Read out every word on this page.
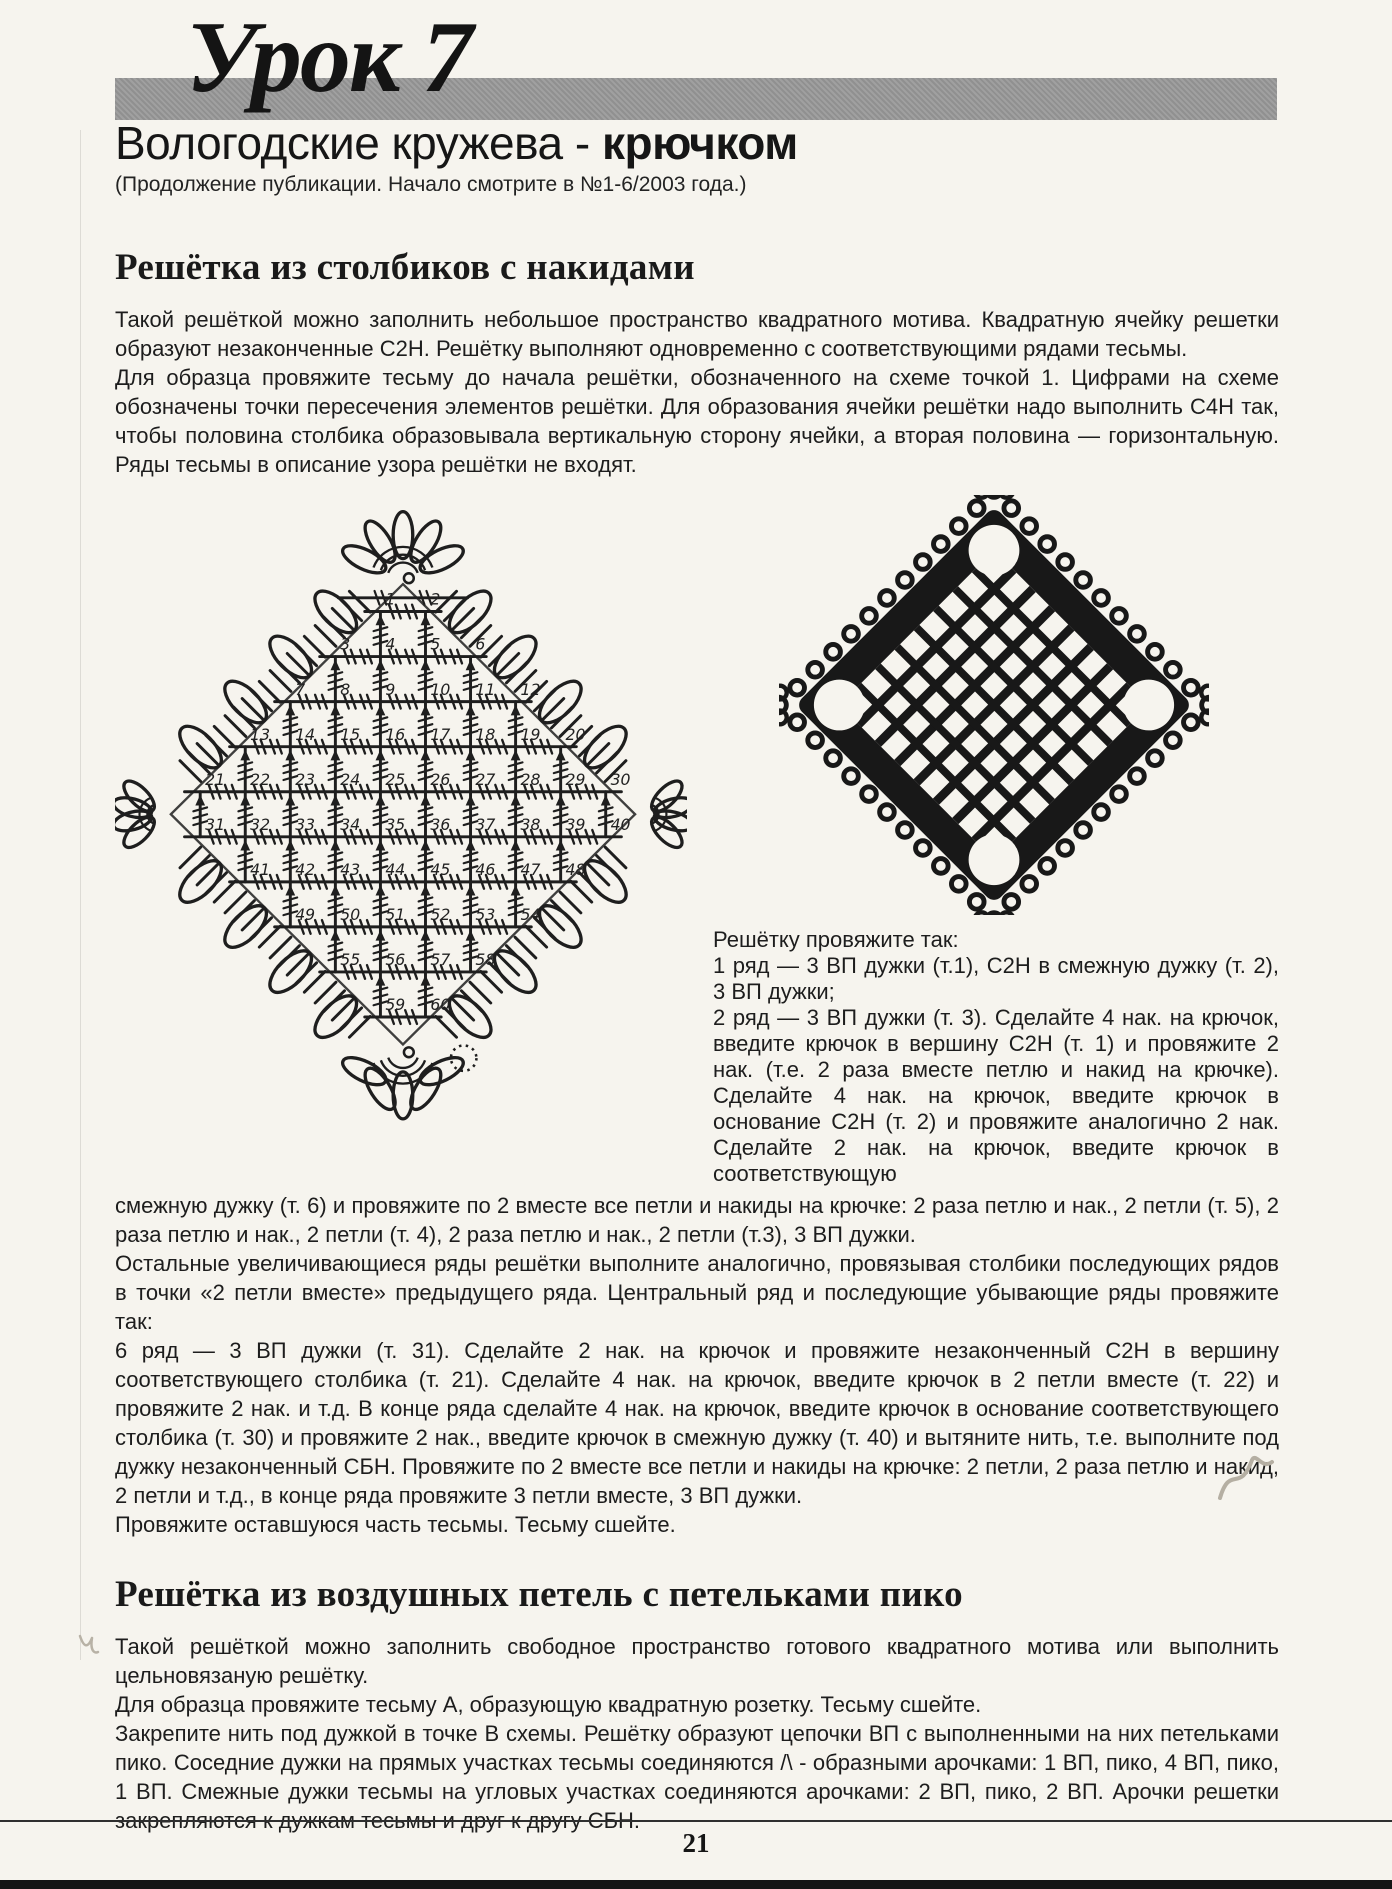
Урок 7
Вологодские кружева - крючком
(Продолжение публикации. Начало смотрите в №1-6/2003 года.)
Решётка из столбиков с накидами

Такой решёткой можно заполнить небольшое пространство квадратного мотива. Квадратную ячейку решетки образуют незаконченные С2Н. Решётку выполняют одновременно с соответствующими рядами тесьмы.

Для образца провяжите тесьму до начала решётки, обозначенного на схеме точкой 1. Цифрами на схеме обозначены точки пересечения элементов решётки. Для образования ячейки решётки надо выполнить С4Н так, чтобы половина столбика образовывала вертикальную сторону ячейки, а вторая половина — горизонтальную. Ряды тесьмы в описание узора решётки не входят.

1 2
3 4 5 6
7 8 9 10 11 12
13 14 15 16 17 18 19 20
21 22 23 24 25 26 27 28 29 30
31 32 33 34 35 36 37 38 39 40
41 42 43 44 45 46 47 48
49 50 51 52 53 54
55 56 57 58
59 60

Решётку провяжите так:

1 ряд — 3 ВП дужки (т.1), С2Н в смежную дужку (т. 2), 3 ВП дужки;

2 ряд — 3 ВП дужки (т. 3). Сделайте 4 нак. на крючок, введите крючок в вершину С2Н (т. 1) и провяжите 2 нак. (т.е. 2 раза вместе петлю и накид на крючке). Сделайте 4 нак. на крючок, введите крючок в основание С2Н (т. 2) и провяжите аналогично 2 нак. Сделайте 2 нак. на крючок, введите крючок в соответствующую

смежную дужку (т. 6) и провяжите по 2 вместе все петли и накиды на крючке: 2 раза петлю и нак., 2 петли (т. 5), 2 раза петлю и нак., 2 петли (т. 4), 2 раза петлю и нак., 2 петли (т.3), 3 ВП дужки.

Остальные увеличивающиеся ряды решётки выполните аналогично, провязывая столбики последующих рядов в точки «2 петли вместе» предыдущего ряда. Центральный ряд и последующие убывающие ряды провяжите так:

6 ряд — 3 ВП дужки (т. 31). Сделайте 2 нак. на крючок и провяжите незаконченный С2Н в вершину соответствующего столбика (т. 21). Сделайте 4 нак. на крючок, введите крючок в 2 петли вместе (т. 22) и провяжите 2 нак. и т.д. В конце ряда сделайте 4 нак. на крючок, введите крючок в основание соответствующего столбика (т. 30) и провяжите 2 нак., введите крючок в смежную дужку (т. 40) и вытяните нить, т.е. выполните под дужку незаконченный СБН. Провяжите по 2 вместе все петли и накиды на крючке: 2 петли, 2 раза петлю и накид, 2 петли и т.д., в конце ряда провяжите 3 петли вместе, 3 ВП дужки.

Провяжите оставшуюся часть тесьмы. Тесьму сшейте.

Решётка из воздушных петель с петельками пико

Такой решёткой можно заполнить свободное пространство готового квадратного мотива или выполнить цельновязаную решётку.

Для образца провяжите тесьму А, образующую квадратную розетку. Тесьму сшейте.

Закрепите нить под дужкой в точке В схемы. Решётку образуют цепочки ВП с выполненными на них петельками пико. Соседние дужки на прямых участках тесьмы соединяются /\ - образными арочками: 1 ВП, пико, 4 ВП, пико, 1 ВП. Смежные дужки тесьмы на угловых участках соединяются арочками: 2 ВП, пико, 2 ВП. Арочки решетки закрепляются к дужкам тесьмы и друг к другу СБН.

21
